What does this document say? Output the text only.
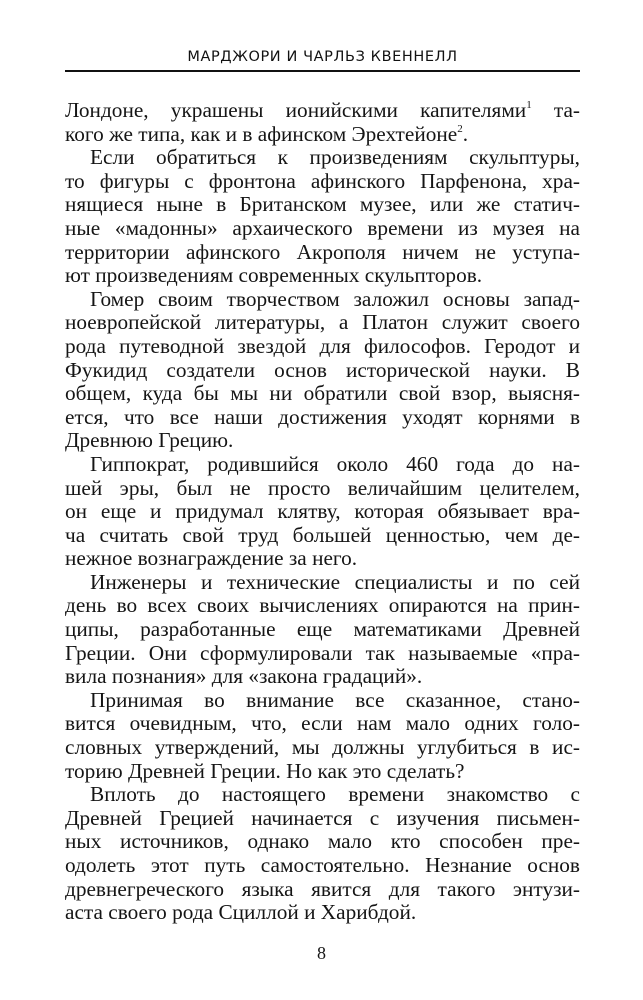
МАРДЖОРИ И ЧАРЛЬЗ КВЕННЕЛЛ
Лондоне, украшены ионийскими капителями$^1$ та-
кого же типа, как и в афинском Эрехтейоне$^2$.
Если обратиться к произведениям скульптуры,
то фигуры с фронтона афинского Парфенона, хра-
нящиеся ныне в Британском музее, или же статич-
ные «мадонны» архаического времени из музея на
территории афинского Акрополя ничем не уступа-
ют произведениям современных скульпторов.
Гомер своим творчеством заложил основы запад-
ноевропейской литературы, а Платон служит своего
рода путеводной звездой для философов. Геродот и
Фукидид создатели основ исторической науки. В
общем, куда бы мы ни обратили свой взор, выясня-
ется, что все наши достижения уходят корнями в
Древнюю Грецию.
Гиппократ, родившийся около 460 года до на-
шей эры, был не просто величайшим целителем,
он еще и придумал клятву, которая обязывает вра-
ча считать свой труд большей ценностью, чем де-
нежное вознаграждение за него.
Инженеры и технические специалисты и по сей
день во всех своих вычислениях опираются на прин-
ципы, разработанные еще математиками Древней
Греции. Они сформулировали так называемые «пра-
вила познания» для «закона градаций».
Принимая во внимание все сказанное, стано-
вится очевидным, что, если нам мало одних голо-
словных утверждений, мы должны углубиться в ис-
торию Древней Греции. Но как это сделать?
Вплоть до настоящего времени знакомство с
Древней Грецией начинается с изучения письмен-
ных источников, однако мало кто способен пре-
одолеть этот путь самостоятельно. Незнание основ
древнегреческого языка явится для такого энтузи-
аста своего рода Сциллой и Харибдой.
8
